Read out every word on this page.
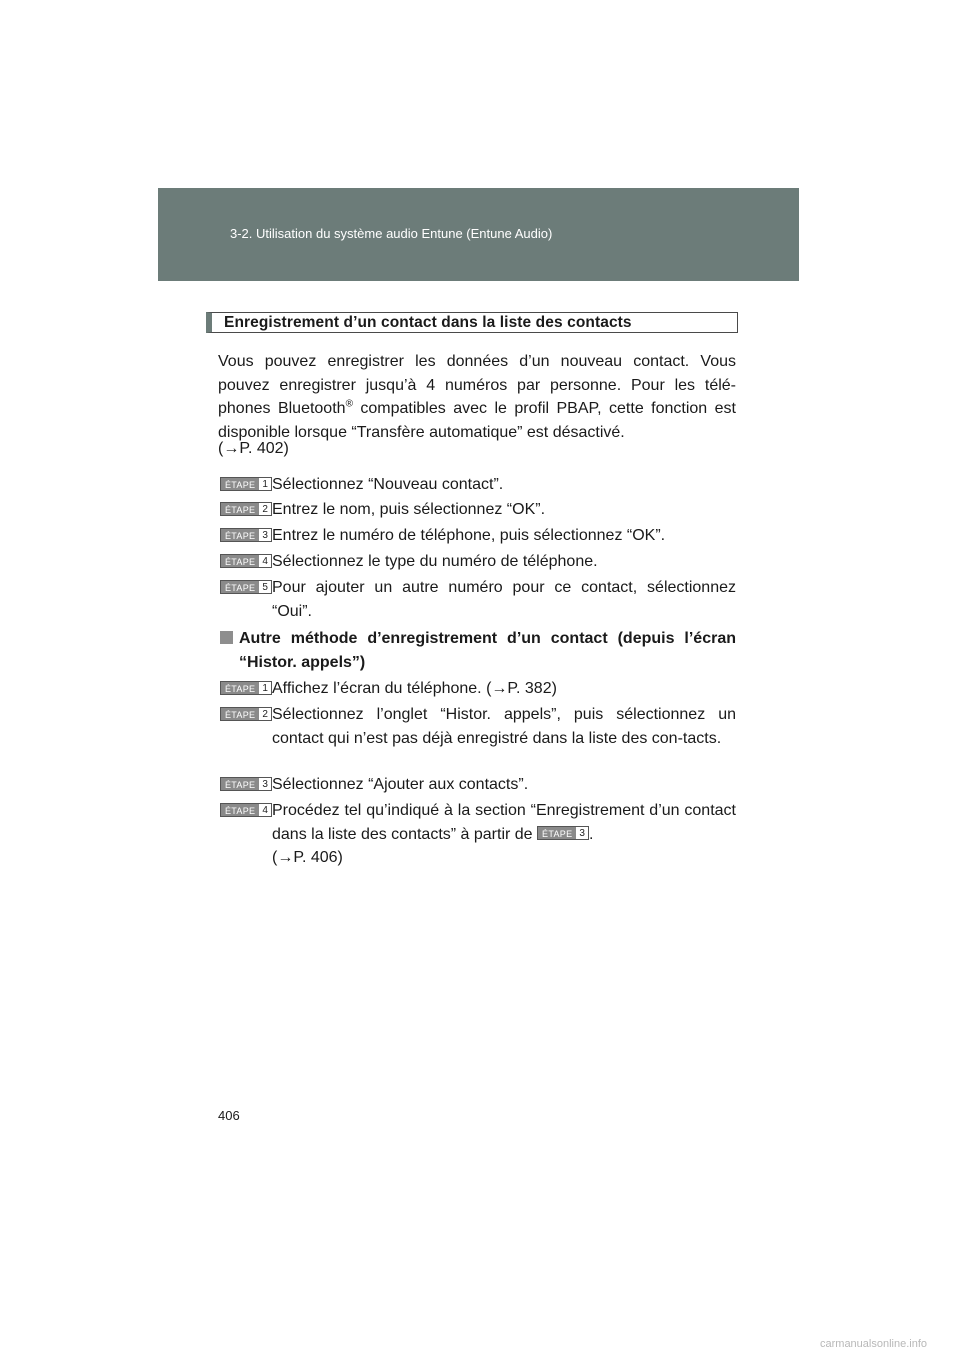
3-2. Utilisation du système audio Entune (Entune Audio)
Enregistrement d’un contact dans la liste des contacts
Vous pouvez enregistrer les données d’un nouveau contact. Vous pouvez enregistrer jusqu’à 4 numéros par personne. Pour les télé-phones Bluetooth® compatibles avec le profil PBAP, cette fonction est disponible lorsque “Transfère automatique” est désactivé.
(→P. 402)
ÉTAPE 1 Sélectionnez “Nouveau contact”.
ÉTAPE 2 Entrez le nom, puis sélectionnez “OK”.
ÉTAPE 3 Entrez le numéro de téléphone, puis sélectionnez “OK”.
ÉTAPE 4 Sélectionnez le type du numéro de téléphone.
ÉTAPE 5 Pour ajouter un autre numéro pour ce contact, sélectionnez “Oui”.
Autre méthode d’enregistrement d’un contact (depuis l’écran “Histor. appels”)
ÉTAPE 1 Affichez l’écran du téléphone. (→P. 382)
ÉTAPE 2 Sélectionnez l’onglet “Histor. appels”, puis sélectionnez un contact qui n’est pas déjà enregistré dans la liste des con-tacts.
ÉTAPE 3 Sélectionnez “Ajouter aux contacts”.
ÉTAPE 4 Procédez tel qu’indiqué à la section “Enregistrement d’un contact dans la liste des contacts” à partir de ÉTAPE 3 .
(→P. 406)
406
carmanualsonline.info
